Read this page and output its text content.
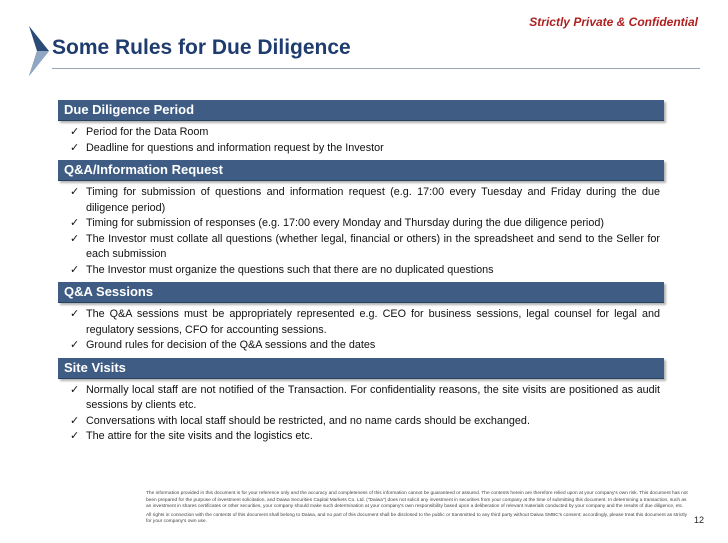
Strictly Private & Confidential
Some Rules for Due Diligence
Due Diligence Period
✓ Period for the Data Room
✓ Deadline for questions and information request by the Investor
Q&A/Information Request
✓ Timing for submission of questions and information request (e.g. 17:00 every Tuesday and Friday during the due diligence period)
✓ Timing for submission of responses (e.g. 17:00 every Monday and Thursday during the due diligence period)
✓ The Investor must collate all questions (whether legal, financial or others) in the spreadsheet and send to the Seller for each submission
✓ The Investor must organize the questions such that there are no duplicated questions
Q&A Sessions
✓ The Q&A sessions must be appropriately represented e.g. CEO for business sessions, legal counsel for legal and regulatory sessions, CFO for accounting sessions.
✓ Ground rules for decision of the Q&A sessions and the dates
Site Visits
✓ Normally local staff are not notified of the Transaction. For confidentiality reasons, the site visits are positioned as audit sessions by clients etc.
✓ Conversations with local staff should be restricted, and no name cards should be exchanged.
✓ The attire for the site visits and the logistics etc.

The information provided in this document is for your reference only and the accuracy and completeness of this information cannot be guaranteed or assured. The contents herein are therefore relied upon at your company's own risk. This document has not been prepared for the purpose of investment solicitation, and Daiwa Securities Capital Markets Co. Ltd. ("Daiwa") does not solicit any investment in securities from your company at the time of submitting this document. In determining a transaction, such as an investment in shares certificates or other securities, your company should make such determination at your company's own responsibility based upon a deliberation of relevant materials conducted by your company and the results of due diligence, etc.

All rights in connection with the contents of this document shall belong to Daiwa, and no part of this document shall be disclosed to the public or transmitted to any third party without Daiwa SMBC's consent; accordingly, please treat this document as strictly for your company's own use.	12
